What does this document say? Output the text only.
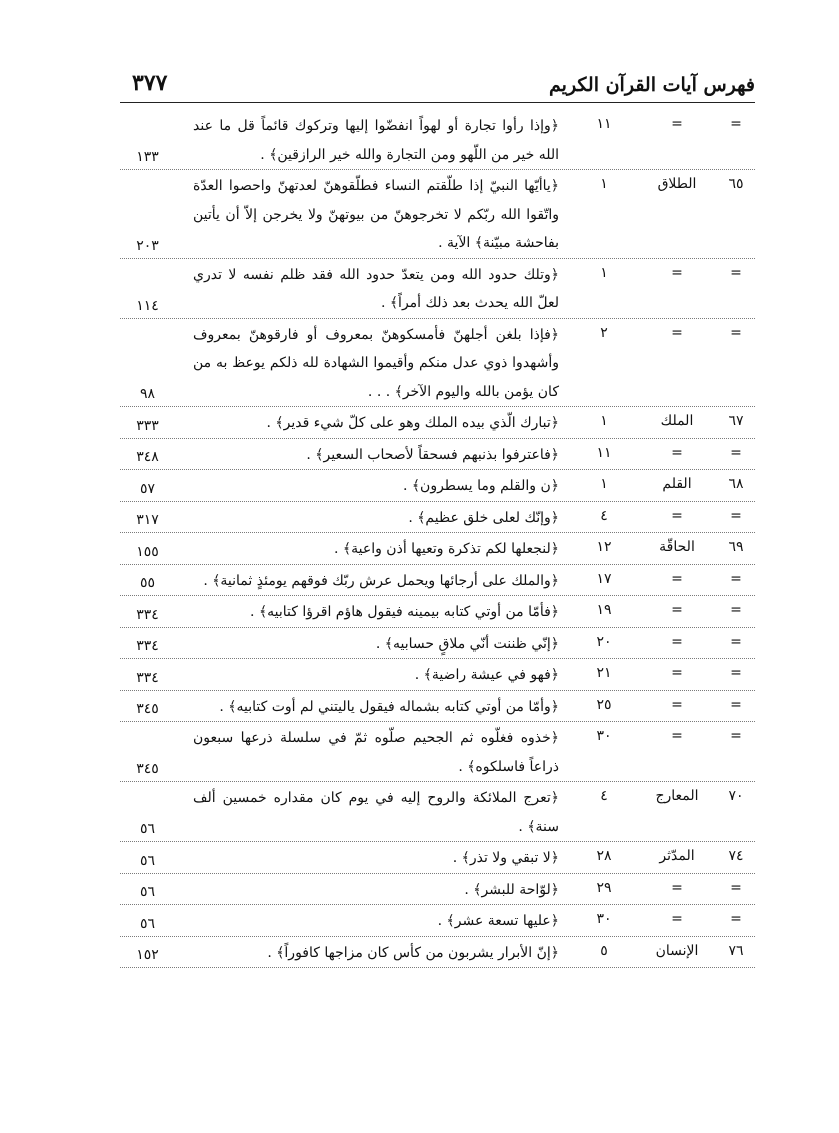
فهرس آيات القرآن الكريم
٣٧٧
=
=
١١
﴿وإذا رأوا تجارة أو لهواً انفضّوا إليها وتركوك قائماً قل ما عند الله خير من اللّهو ومن التجارة والله خير الرازقين﴾ .
١٣٣
٦٥
الطلاق
١
﴿ياأيّها النبيّ إذا طلّقتم النساء فطلّقوهنّ لعدتهنّ واحصوا العدّة واتّقوا الله ربّكم لا تخرجوهنّ من بيوتهنّ ولا يخرجن إلاّ أن يأتين بفاحشة مبيّنة﴾ الآية .
٢٠٣
=
=
١
﴿وتلك حدود الله ومن يتعدّ حدود الله فقد ظلم نفسه لا تدري لعلّ الله يحدث بعد ذلك أمراً﴾ .
١١٤
=
=
٢
﴿فإذا بلغن أجلهنّ فأمسكوهنّ بمعروف أو فارقوهنّ بمعروف وأشهدوا ذوي عدل منكم وأقيموا الشهادة لله ذلكم يوعظ به من كان يؤمن بالله واليوم الآخر﴾ . . .
٩٨
٦٧
الملك
١
﴿تبارك الّذي بيده الملك وهو على كلّ شيء قدير﴾ .
٣٣٣
=
=
١١
﴿فاعترفوا بذنبهم فسحقاً لأصحاب السعير﴾ .
٣٤٨
٦٨
القلم
١
﴿ن والقلم وما يسطرون﴾ .
٥٧
=
=
٤
﴿وإنّك لعلى خلق عظيم﴾ .
٣١٧
٦٩
الحاقّة
١٢
﴿لنجعلها لكم تذكرة وتعيها أذن واعية﴾ .
١٥٥
=
=
١٧
﴿والملك على أرجائها ويحمل عرش ربّك فوقهم يومئذٍ ثمانية﴾ .
٥٥
=
=
١٩
﴿فأمّا من أوتي كتابه بيمينه فيقول هاؤم اقرؤا كتابيه﴾ .
٣٣٤
=
=
٢٠
﴿إنّي ظننت أنّي ملاقٍ حسابيه﴾ .
٣٣٤
=
=
٢١
﴿فهو في عيشة راضية﴾ .
٣٣٤
=
=
٢٥
﴿وأمّا من أوتي كتابه بشماله فيقول ياليتني لم أوت كتابيه﴾ .
٣٤٥
=
=
٣٠
﴿خذوه فغلّوه ثم الجحيم صلّوه ثمّ في سلسلة ذرعها سبعون ذراعاً فاسلكوه﴾ .
٣٤٥
٧٠
المعارج
٤
﴿تعرج الملائكة والروح إليه في يوم كان مقداره خمسين ألف سنة﴾ .
٥٦
٧٤
المدّثر
٢٨
﴿لا تبقي ولا تذر﴾ .
٥٦
=
=
٢٩
﴿لوّاحة للبشر﴾ .
٥٦
=
=
٣٠
﴿عليها تسعة عشر﴾ .
٥٦
٧٦
الإنسان
٥
﴿إنّ الأبرار يشربون من كأس كان مزاجها كافوراً﴾ .
١٥٢
